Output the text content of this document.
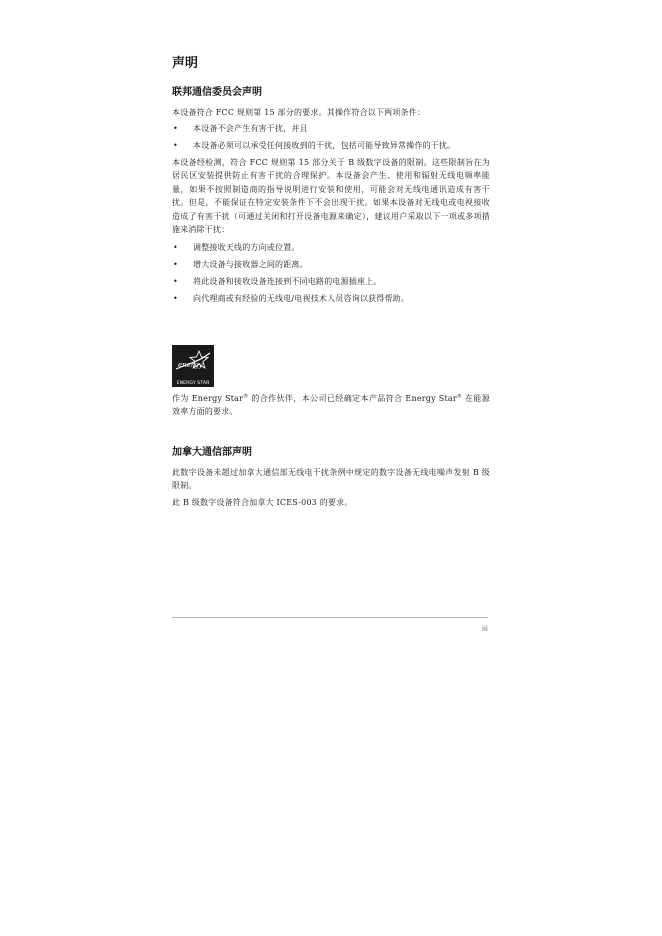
声明
联邦通信委员会声明

本设备符合 FCC 规则第 15 部分的要求。其操作符合以下两项条件：

• 本设备不会产生有害干扰，并且
• 本设备必须可以承受任何接收到的干扰，包括可能导致异常操作的干扰。

本设备经检测，符合 FCC 规则第 15 部分关于 B 级数字设备的限制。这些限制旨在为居民区安装提供防止有害干扰的合理保护。本设备会产生、使用和辐射无线电频率能量，如果不按照制造商的指导说明进行安装和使用，可能会对无线电通讯造成有害干扰。但是，不能保证在特定安装条件下不会出现干扰。如果本设备对无线电或电视接收造成了有害干扰（可通过关闭和打开设备电源来确定），建议用户采取以下一项或多项措施来消除干扰：

• 调整接收天线的方向或位置。
• 增大设备与接收器之间的距离。
• 将此设备和接收设备连接到不同电路的电源插座上。
• 向代理商或有经验的无线电/电视技术人员咨询以获得帮助。
energy
ENERGY STAR

作为 Energy Star® 的合作伙伴，本公司已经确定本产品符合 Energy Star® 在能源效率方面的要求。

加拿大通信部声明

此数字设备未超过加拿大通信部无线电干扰条例中规定的数字设备无线电噪声发射 B 级限制。

此 B 级数字设备符合加拿大 ICES-003 的要求。

iii
